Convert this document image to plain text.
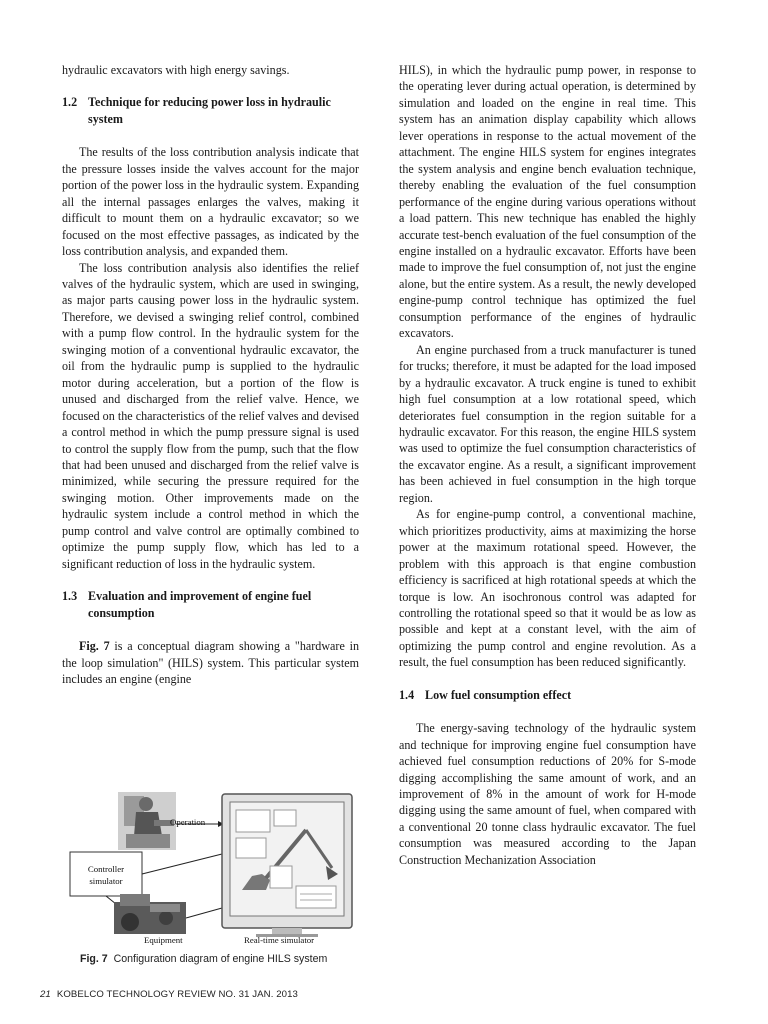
hydraulic excavators with high energy savings.

1.2 Technique for reducing power loss in hydraulic system

The results of the loss contribution analysis indicate that the pressure losses inside the valves account for the major portion of the power loss in the hydraulic system. Expanding all the internal passages enlarges the valves, making it difficult to mount them on a hydraulic excavator; so we focused on the most effective passages, as indicated by the loss contribution analysis, and expanded them.

The loss contribution analysis also identifies the relief valves of the hydraulic system, which are used in swinging, as major parts causing power loss in the hydraulic system. Therefore, we devised a swinging relief control, combined with a pump flow control. In the hydraulic system for the swinging motion of a conventional hydraulic excavator, the oil from the hydraulic pump is supplied to the hydraulic motor during acceleration, but a portion of the flow is unused and discharged from the relief valve. Hence, we focused on the characteristics of the relief valves and devised a control method in which the pump pressure signal is used to control the supply flow from the pump, such that the flow that had been unused and discharged from the relief valve is minimized, while securing the pressure required for the swinging motion. Other improvements made on the hydraulic system include a control method in which the pump control and valve control are optimally combined to optimize the pump supply flow, which has led to a significant reduction of loss in the hydraulic system.

1.3 Evaluation and improvement of engine fuel consumption

Fig. 7 is a conceptual diagram showing a "hardware in the loop simulation" (HILS) system. This particular system includes an engine (engine

HILS), in which the hydraulic pump power, in response to the operating lever during actual operation, is determined by simulation and loaded on the engine in real time. This system has an animation display capability which allows lever operations in response to the actual movement of the attachment. The engine HILS system for engines integrates the system analysis and engine bench evaluation technique, thereby enabling the evaluation of the fuel consumption performance of the engine during various operations without a load pattern. This new technique has enabled the highly accurate test-bench evaluation of the fuel consumption of the engine installed on a hydraulic excavator. Efforts have been made to improve the fuel consumption of, not just the engine alone, but the entire system. As a result, the newly developed engine-pump control technique has optimized the fuel consumption performance of the engines of hydraulic excavators.

An engine purchased from a truck manufacturer is tuned for trucks; therefore, it must be adapted for the load imposed by a hydraulic excavator. A truck engine is tuned to exhibit high fuel consumption at a low rotational speed, which deteriorates fuel consumption in the region suitable for a hydraulic excavator. For this reason, the engine HILS system was used to optimize the fuel consumption characteristics of the excavator engine. As a result, a significant improvement has been achieved in fuel consumption in the high torque region.

As for engine-pump control, a conventional machine, which prioritizes productivity, aims at maximizing the horse power at the maximum rotational speed. However, the problem with this approach is that engine combustion efficiency is sacrificed at high rotational speeds at which the torque is low. An isochronous control was adapted for controlling the rotational speed so that it would be as low as possible and kept at a constant level, with the aim of optimizing the pump control and engine revolution. As a result, the fuel consumption has been reduced significantly.

1.4 Low fuel consumption effect

The energy-saving technology of the hydraulic system and technique for improving engine fuel consumption have achieved fuel consumption reductions of 20% for S-mode digging accomplishing the same amount of work, and an improvement of 8% in the amount of work for H-mode digging using the same amount of fuel, when compared with a conventional 20 tonne class hydraulic excavator. The fuel consumption was measured according to the Japan Construction Mechanization Association

Operation
Controller
simulator
Equipment	Real-time simulator
Fig. 7 Configuration diagram of engine HILS system
21 KOBELCO TECHNOLOGY REVIEW NO. 31 JAN. 2013
